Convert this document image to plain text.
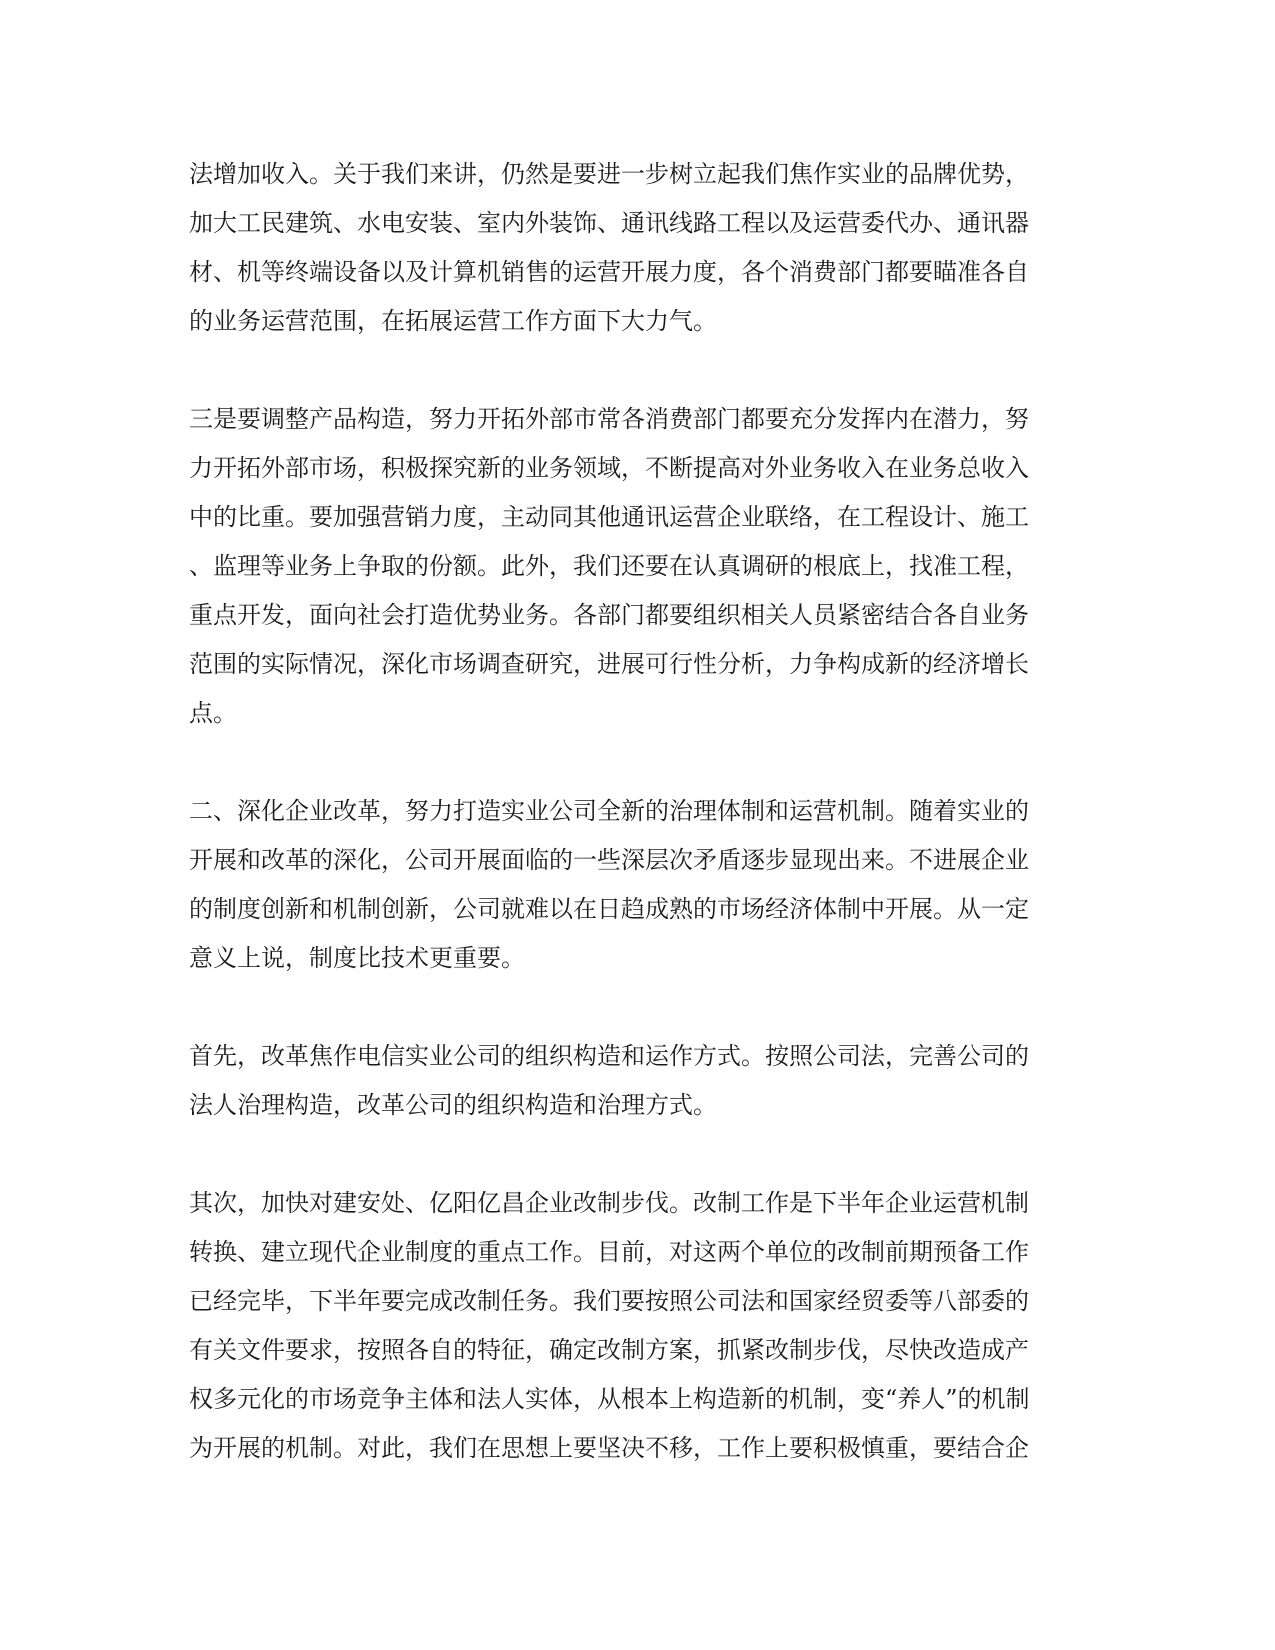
法增加收入。关于我们来讲，仍然是要进一步树立起我们焦作实业的品牌优势，
加大工民建筑、水电安装、室内外装饰、通讯线路工程以及运营委代办、通讯器
材、机等终端设备以及计算机销售的运营开展力度，各个消费部门都要瞄准各自
的业务运营范围，在拓展运营工作方面下大力气。
三是要调整产品构造，努力开拓外部市常各消费部门都要充分发挥内在潜力，努
力开拓外部市场，积极探究新的业务领域，不断提高对外业务收入在业务总收入
中的比重。要加强营销力度，主动同其他通讯运营企业联络，在工程设计、施工
、监理等业务上争取的份额。此外，我们还要在认真调研的根底上，找准工程，
重点开发，面向社会打造优势业务。各部门都要组织相关人员紧密结合各自业务
范围的实际情况，深化市场调查研究，进展可行性分析，力争构成新的经济增长
点。
二、深化企业改革，努力打造实业公司全新的治理体制和运营机制。随着实业的
开展和改革的深化，公司开展面临的一些深层次矛盾逐步显现出来。不进展企业
的制度创新和机制创新，公司就难以在日趋成熟的市场经济体制中开展。从一定
意义上说，制度比技术更重要。
首先，改革焦作电信实业公司的组织构造和运作方式。按照公司法，完善公司的
法人治理构造，改革公司的组织构造和治理方式。
其次，加快对建安处、亿阳亿昌企业改制步伐。改制工作是下半年企业运营机制
转换、建立现代企业制度的重点工作。目前，对这两个单位的改制前期预备工作
已经完毕，下半年要完成改制任务。我们要按照公司法和国家经贸委等八部委的
有关文件要求，按照各自的特征，确定改制方案，抓紧改制步伐，尽快改造成产
权多元化的市场竞争主体和法人实体，从根本上构造新的机制，变“养人”的机制
为开展的机制。对此，我们在思想上要坚决不移，工作上要积极慎重，要结合企
